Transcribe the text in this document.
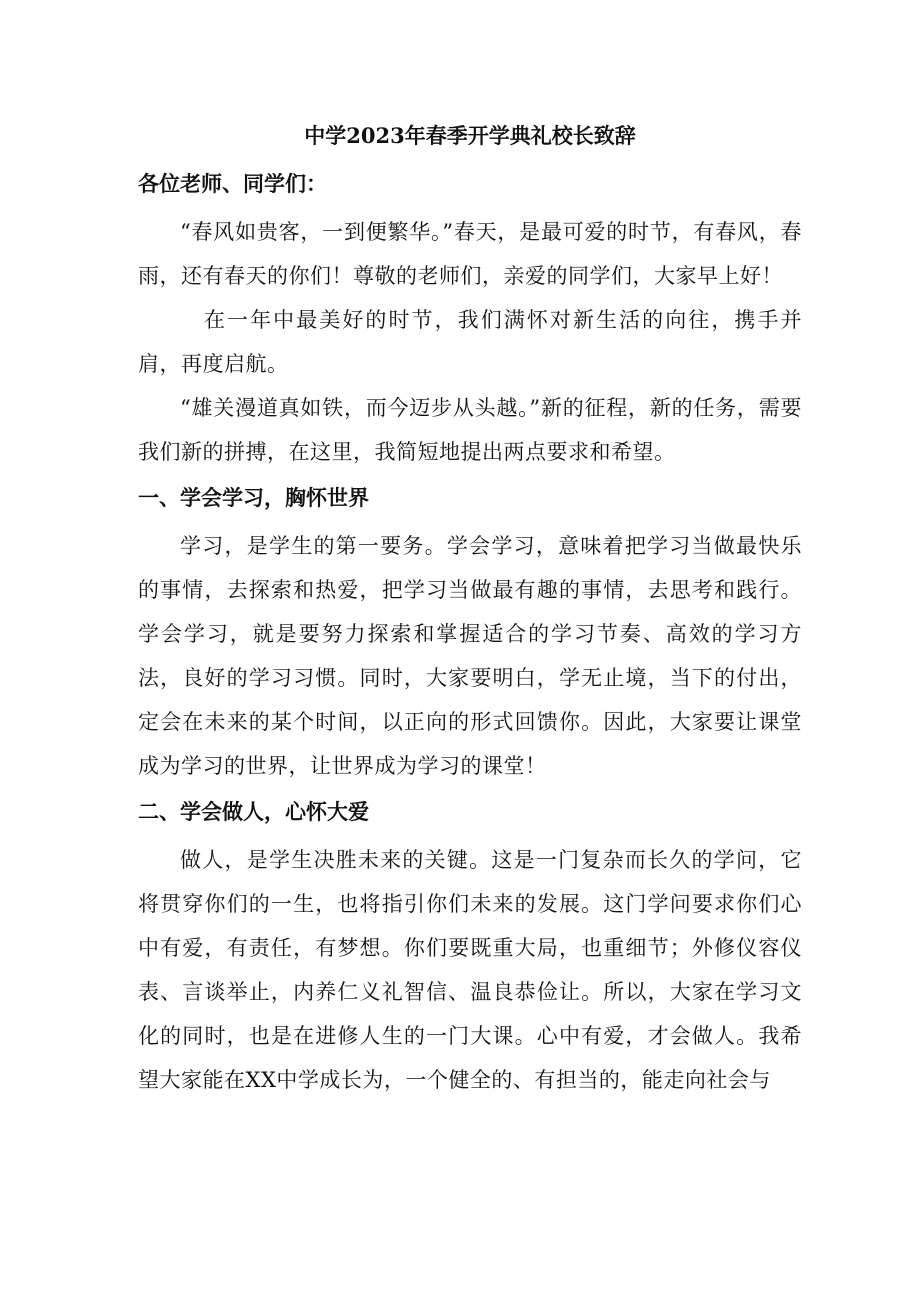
中学2023年春季开学典礼校长致辞
各位老师、同学们：

“春风如贵客，一到便繁华。”春天，是最可爱的时节，有春风，春雨，还有春天的你们！尊敬的老师们，亲爱的同学们，大家早上好！

在一年中最美好的时节，我们满怀对新生活的向往，携手并肩，再度启航。

“雄关漫道真如铁，而今迈步从头越。”新的征程，新的任务，需要我们新的拼搏，在这里，我简短地提出两点要求和希望。

一、学会学习，胸怀世界

学习，是学生的第一要务。学会学习，意味着把学习当做最快乐的事情，去探索和热爱，把学习当做最有趣的事情，去思考和践行。学会学习，就是要努力探索和掌握适合的学习节奏、高效的学习方法，良好的学习习惯。同时，大家要明白，学无止境，当下的付出，定会在未来的某个时间，以正向的形式回馈你。因此，大家要让课堂成为学习的世界，让世界成为学习的课堂！

二、学会做人，心怀大爱

做人，是学生决胜未来的关键。这是一门复杂而长久的学问，它将贯穿你们的一生，也将指引你们未来的发展。这门学问要求你们心中有爱，有责任，有梦想。你们要既重大局，也重细节；外修仪容仪表、言谈举止，内养仁义礼智信、温良恭俭让。所以，大家在学习文化的同时，也是在进修人生的一门大课。心中有爱，才会做人。我希望大家能在XX中学成长为，一个健全的、有担当的，能走向社会与
